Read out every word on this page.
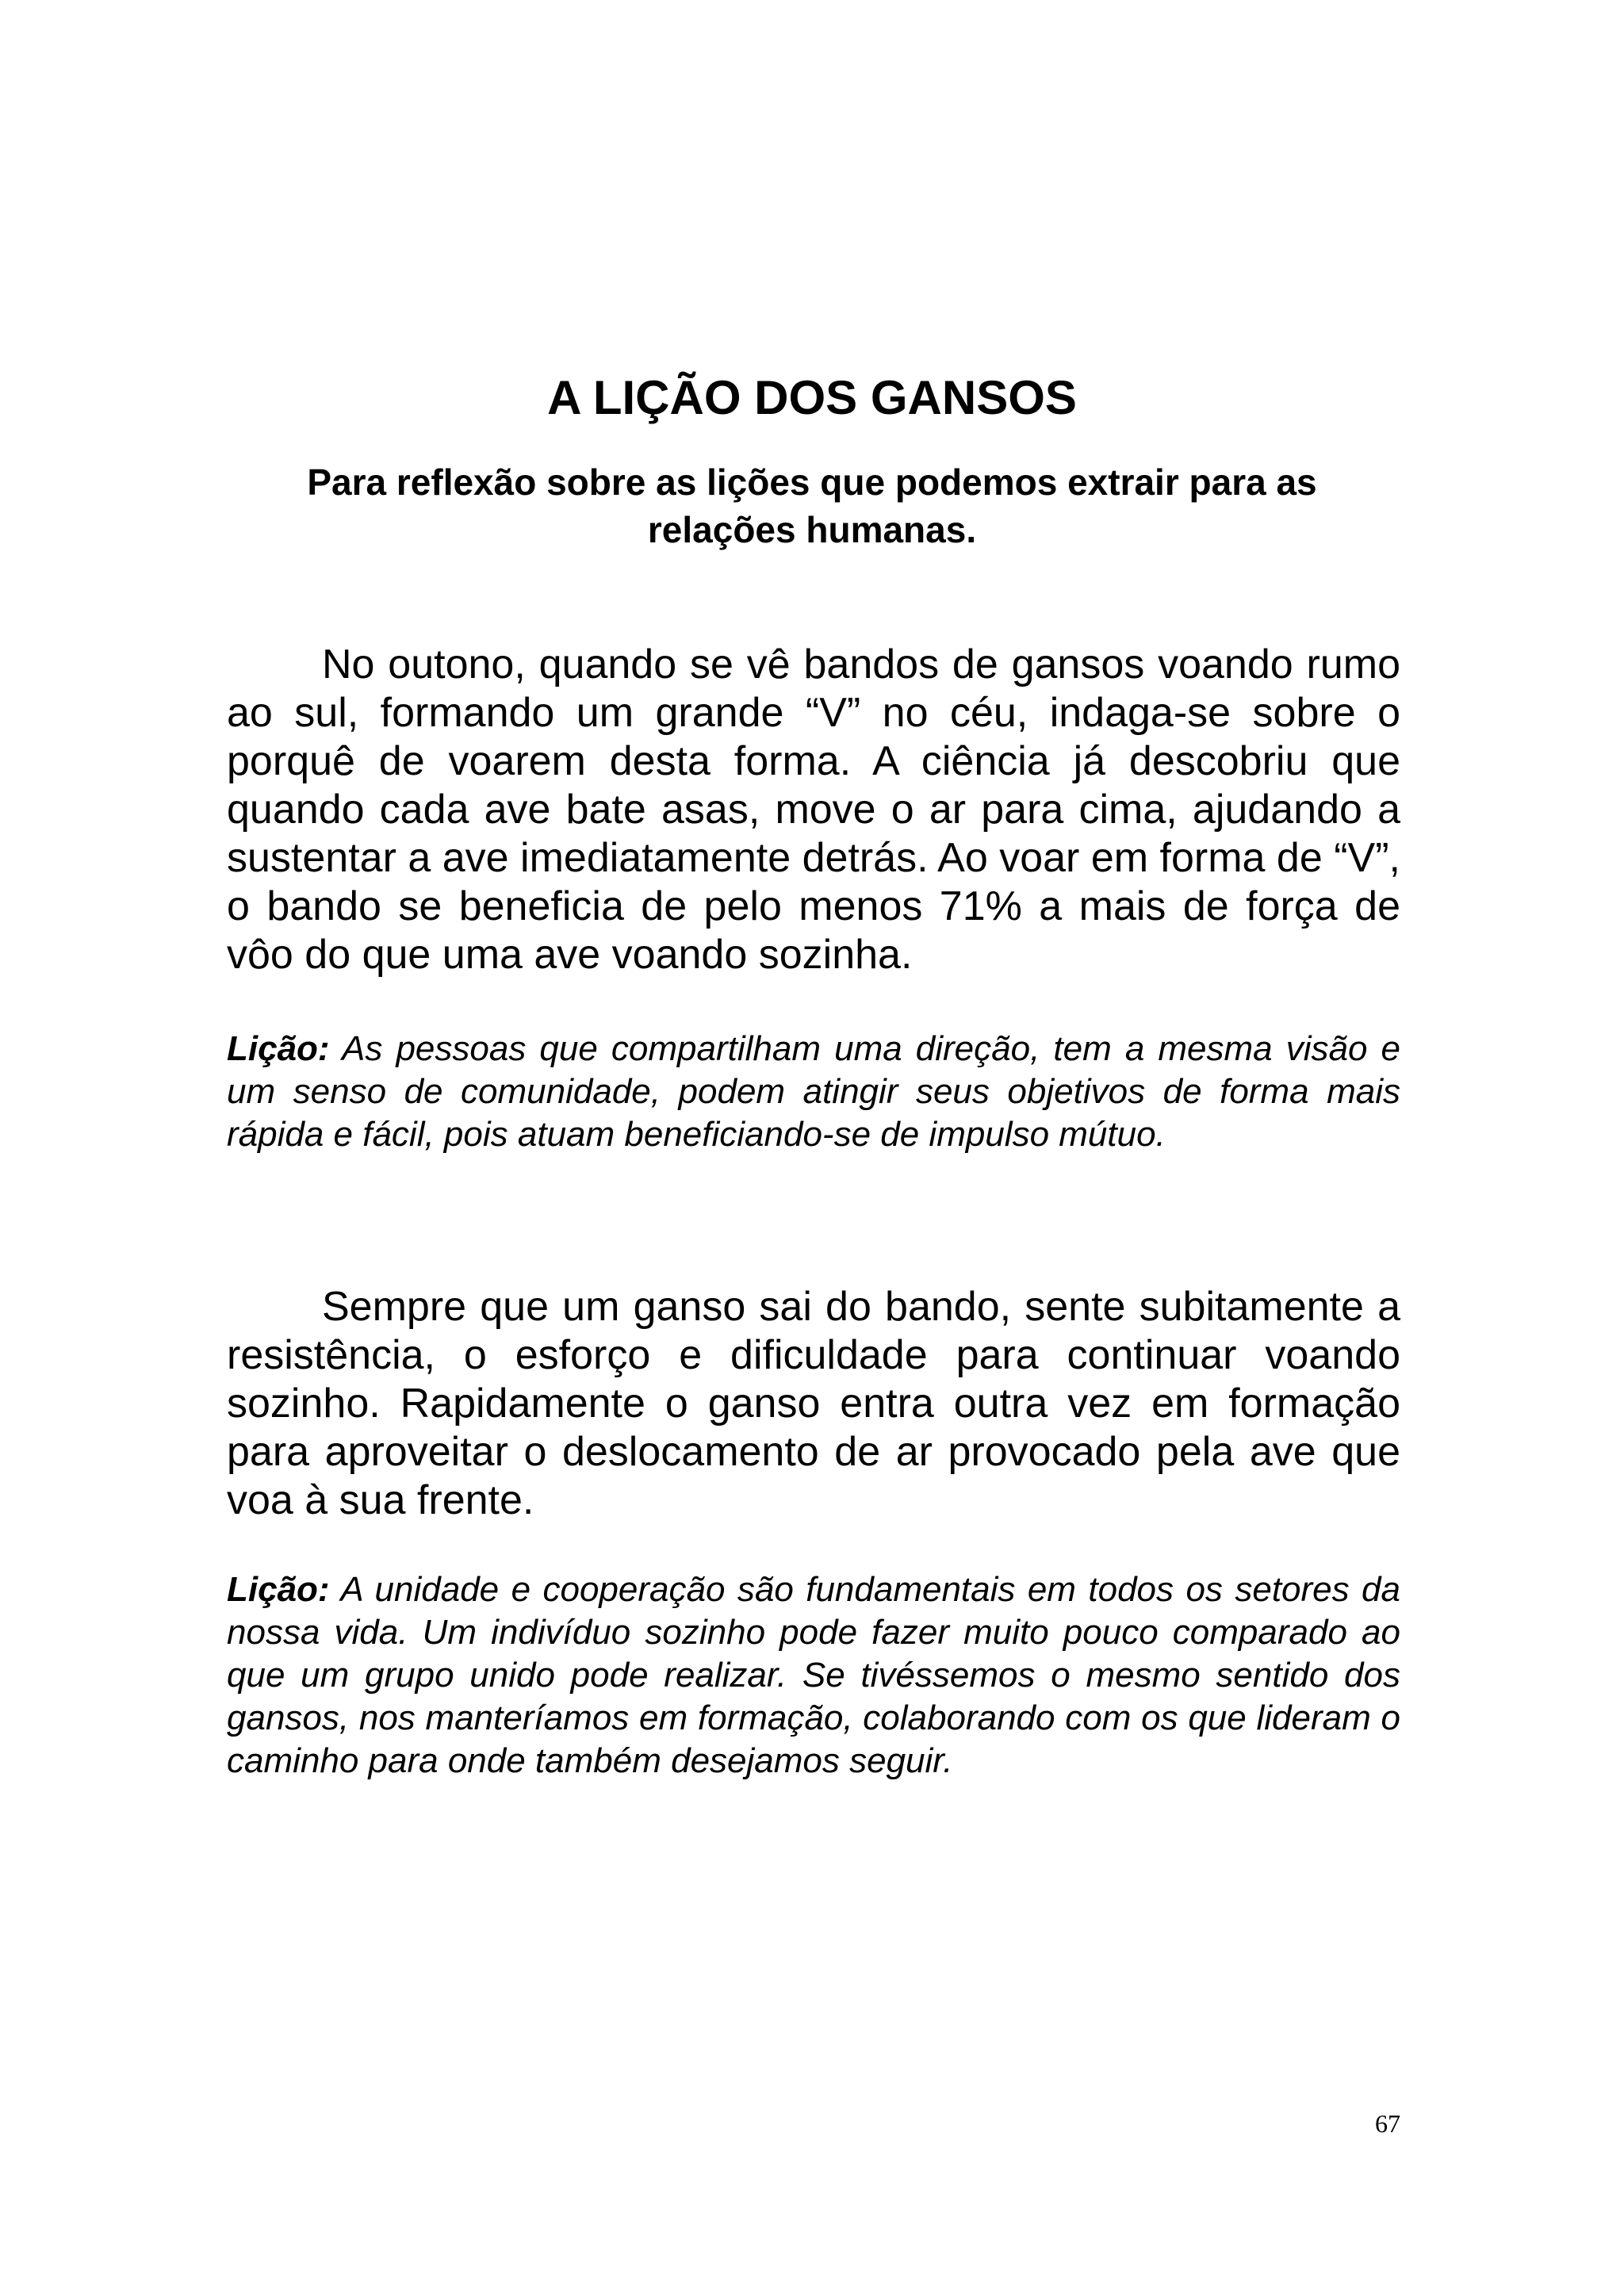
A LIÇÃO DOS GANSOS

Para reflexão sobre as lições que podemos extrair para as relações humanas.

No outono, quando se vê bandos de gansos voando rumo ao sul, formando um grande “V” no céu, indaga-se sobre o porquê de voarem desta forma. A ciência já descobriu que quando cada ave bate asas, move o ar para cima, ajudando a sustentar a ave imediatamente detrás. Ao voar em forma de “V”, o bando se beneficia de pelo menos 71% a mais de força de vôo do que uma ave voando sozinha.

Lição: As pessoas que compartilham uma direção, tem a mesma visão e um senso de comunidade, podem atingir seus objetivos de forma mais rápida e fácil, pois atuam beneficiando-se de impulso mútuo.

Sempre que um ganso sai do bando, sente subitamente a resistência, o esforço e dificuldade para continuar voando sozinho. Rapidamente o ganso entra outra vez em formação para aproveitar o deslocamento de ar provocado pela ave que voa à sua frente.

Lição: A unidade e cooperação são fundamentais em todos os setores da nossa vida. Um indivíduo sozinho pode fazer muito pouco comparado ao que um grupo unido pode realizar. Se tivéssemos o mesmo sentido dos gansos, nos manteríamos em formação, colaborando com os que lideram o caminho para onde também desejamos seguir.

67
